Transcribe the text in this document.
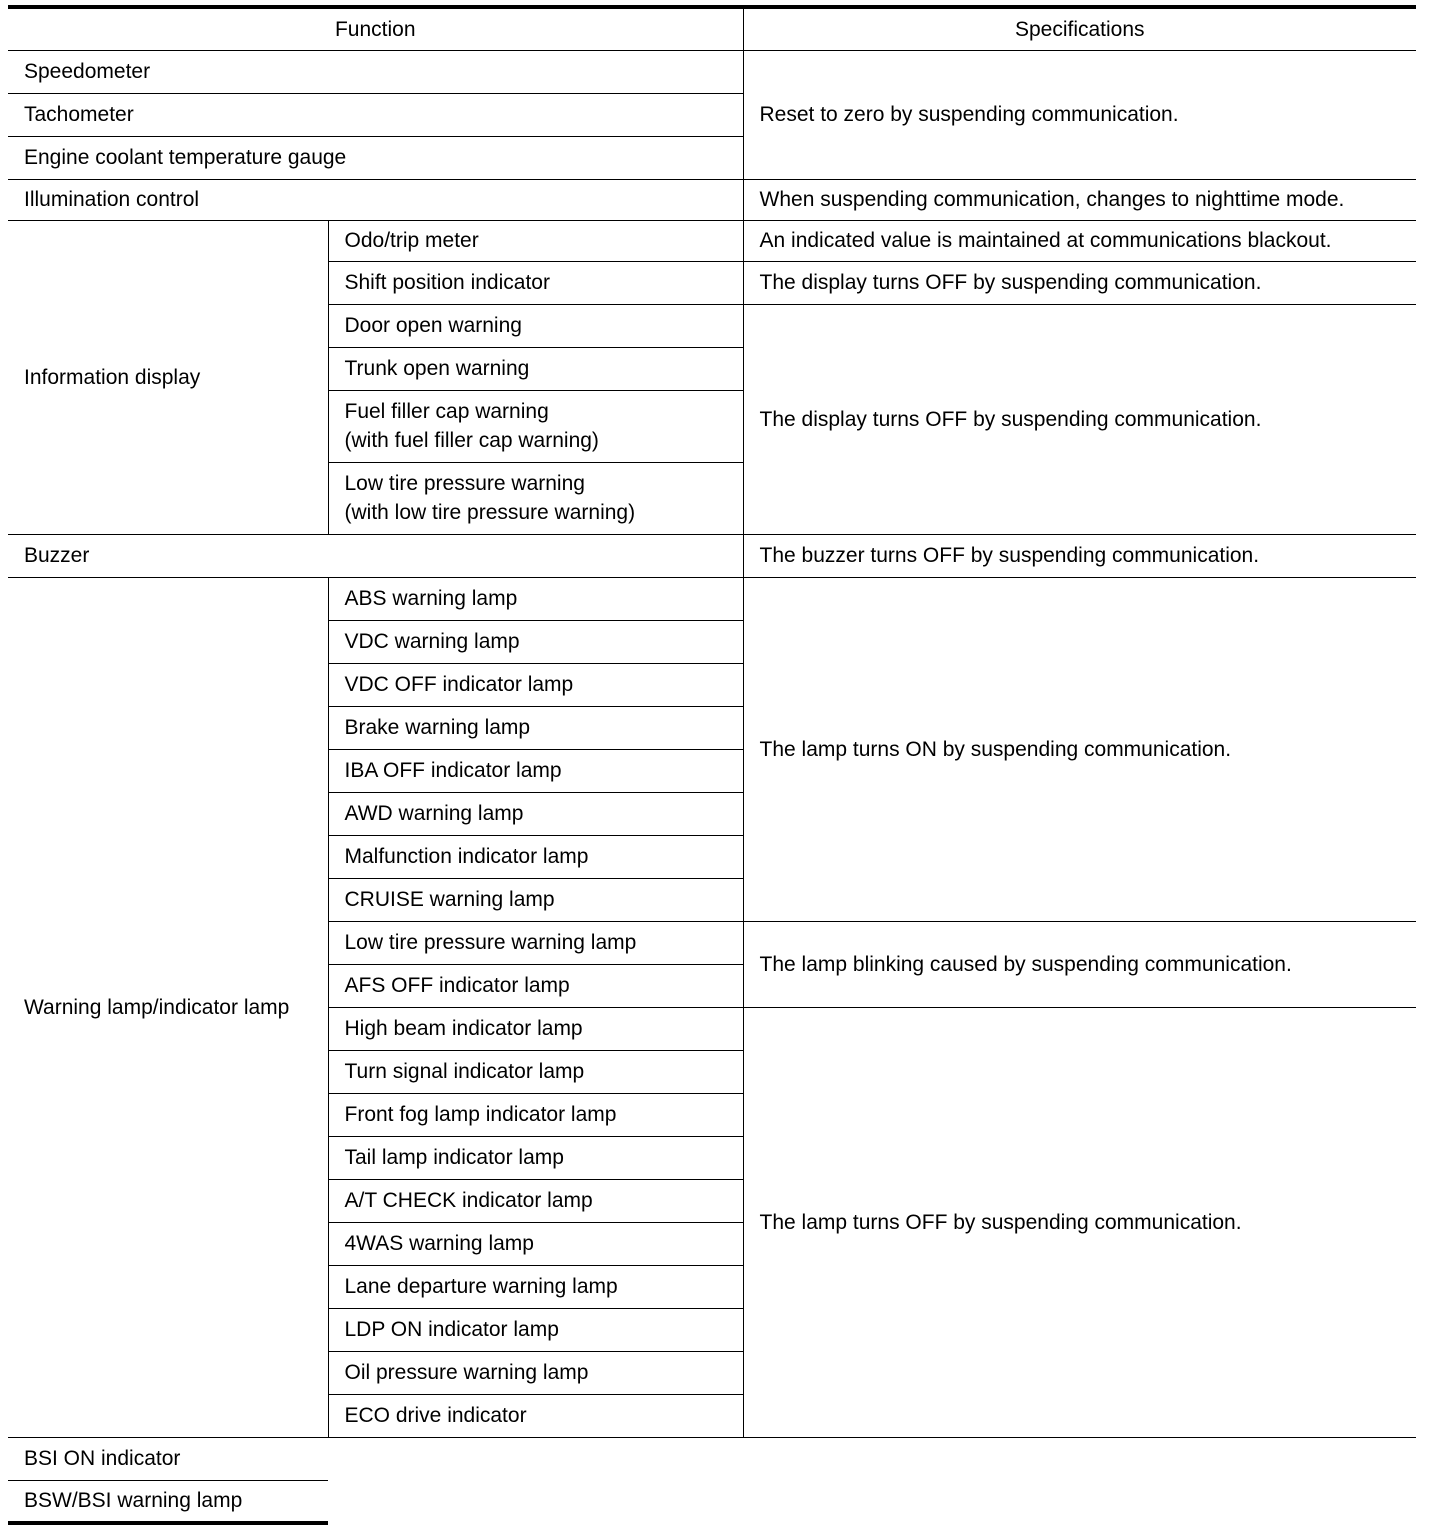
Function		Specifications
Speedometer		Reset to zero by suspending communication.
Tachometer		
Engine coolant temperature gauge		
Illumination control		When suspending communication, changes to nighttime mode.
Information display	Odo/trip meter	An indicated value is maintained at communications blackout.
	Shift position indicator	The display turns OFF by suspending communication.
	Door open warning	The display turns OFF by suspending communication.
	Trunk open warning	
	Fuel filler cap warning
(with fuel filler cap warning)	
	Low tire pressure warning
(with low tire pressure warning)	
Buzzer		The buzzer turns OFF by suspending communication.
Warning lamp/indicator lamp	ABS warning lamp	The lamp turns ON by suspending communication.
	VDC warning lamp	
	VDC OFF indicator lamp	
	Brake warning lamp	
	IBA OFF indicator lamp	
	AWD warning lamp	
	Malfunction indicator lamp	
	CRUISE warning lamp	
	Low tire pressure warning lamp	The lamp blinking caused by suspending communication.
	AFS OFF indicator lamp	
	High beam indicator lamp	The lamp turns OFF by suspending communication.
	Turn signal indicator lamp	
	Front fog lamp indicator lamp	
	Tail lamp indicator lamp	
	A/T CHECK indicator lamp	
	4WAS warning lamp	
	Lane departure warning lamp	
	LDP ON indicator lamp	
	Oil pressure warning lamp	
	ECO drive indicator	
BSI ON indicator		
BSW/BSI warning lamp		
